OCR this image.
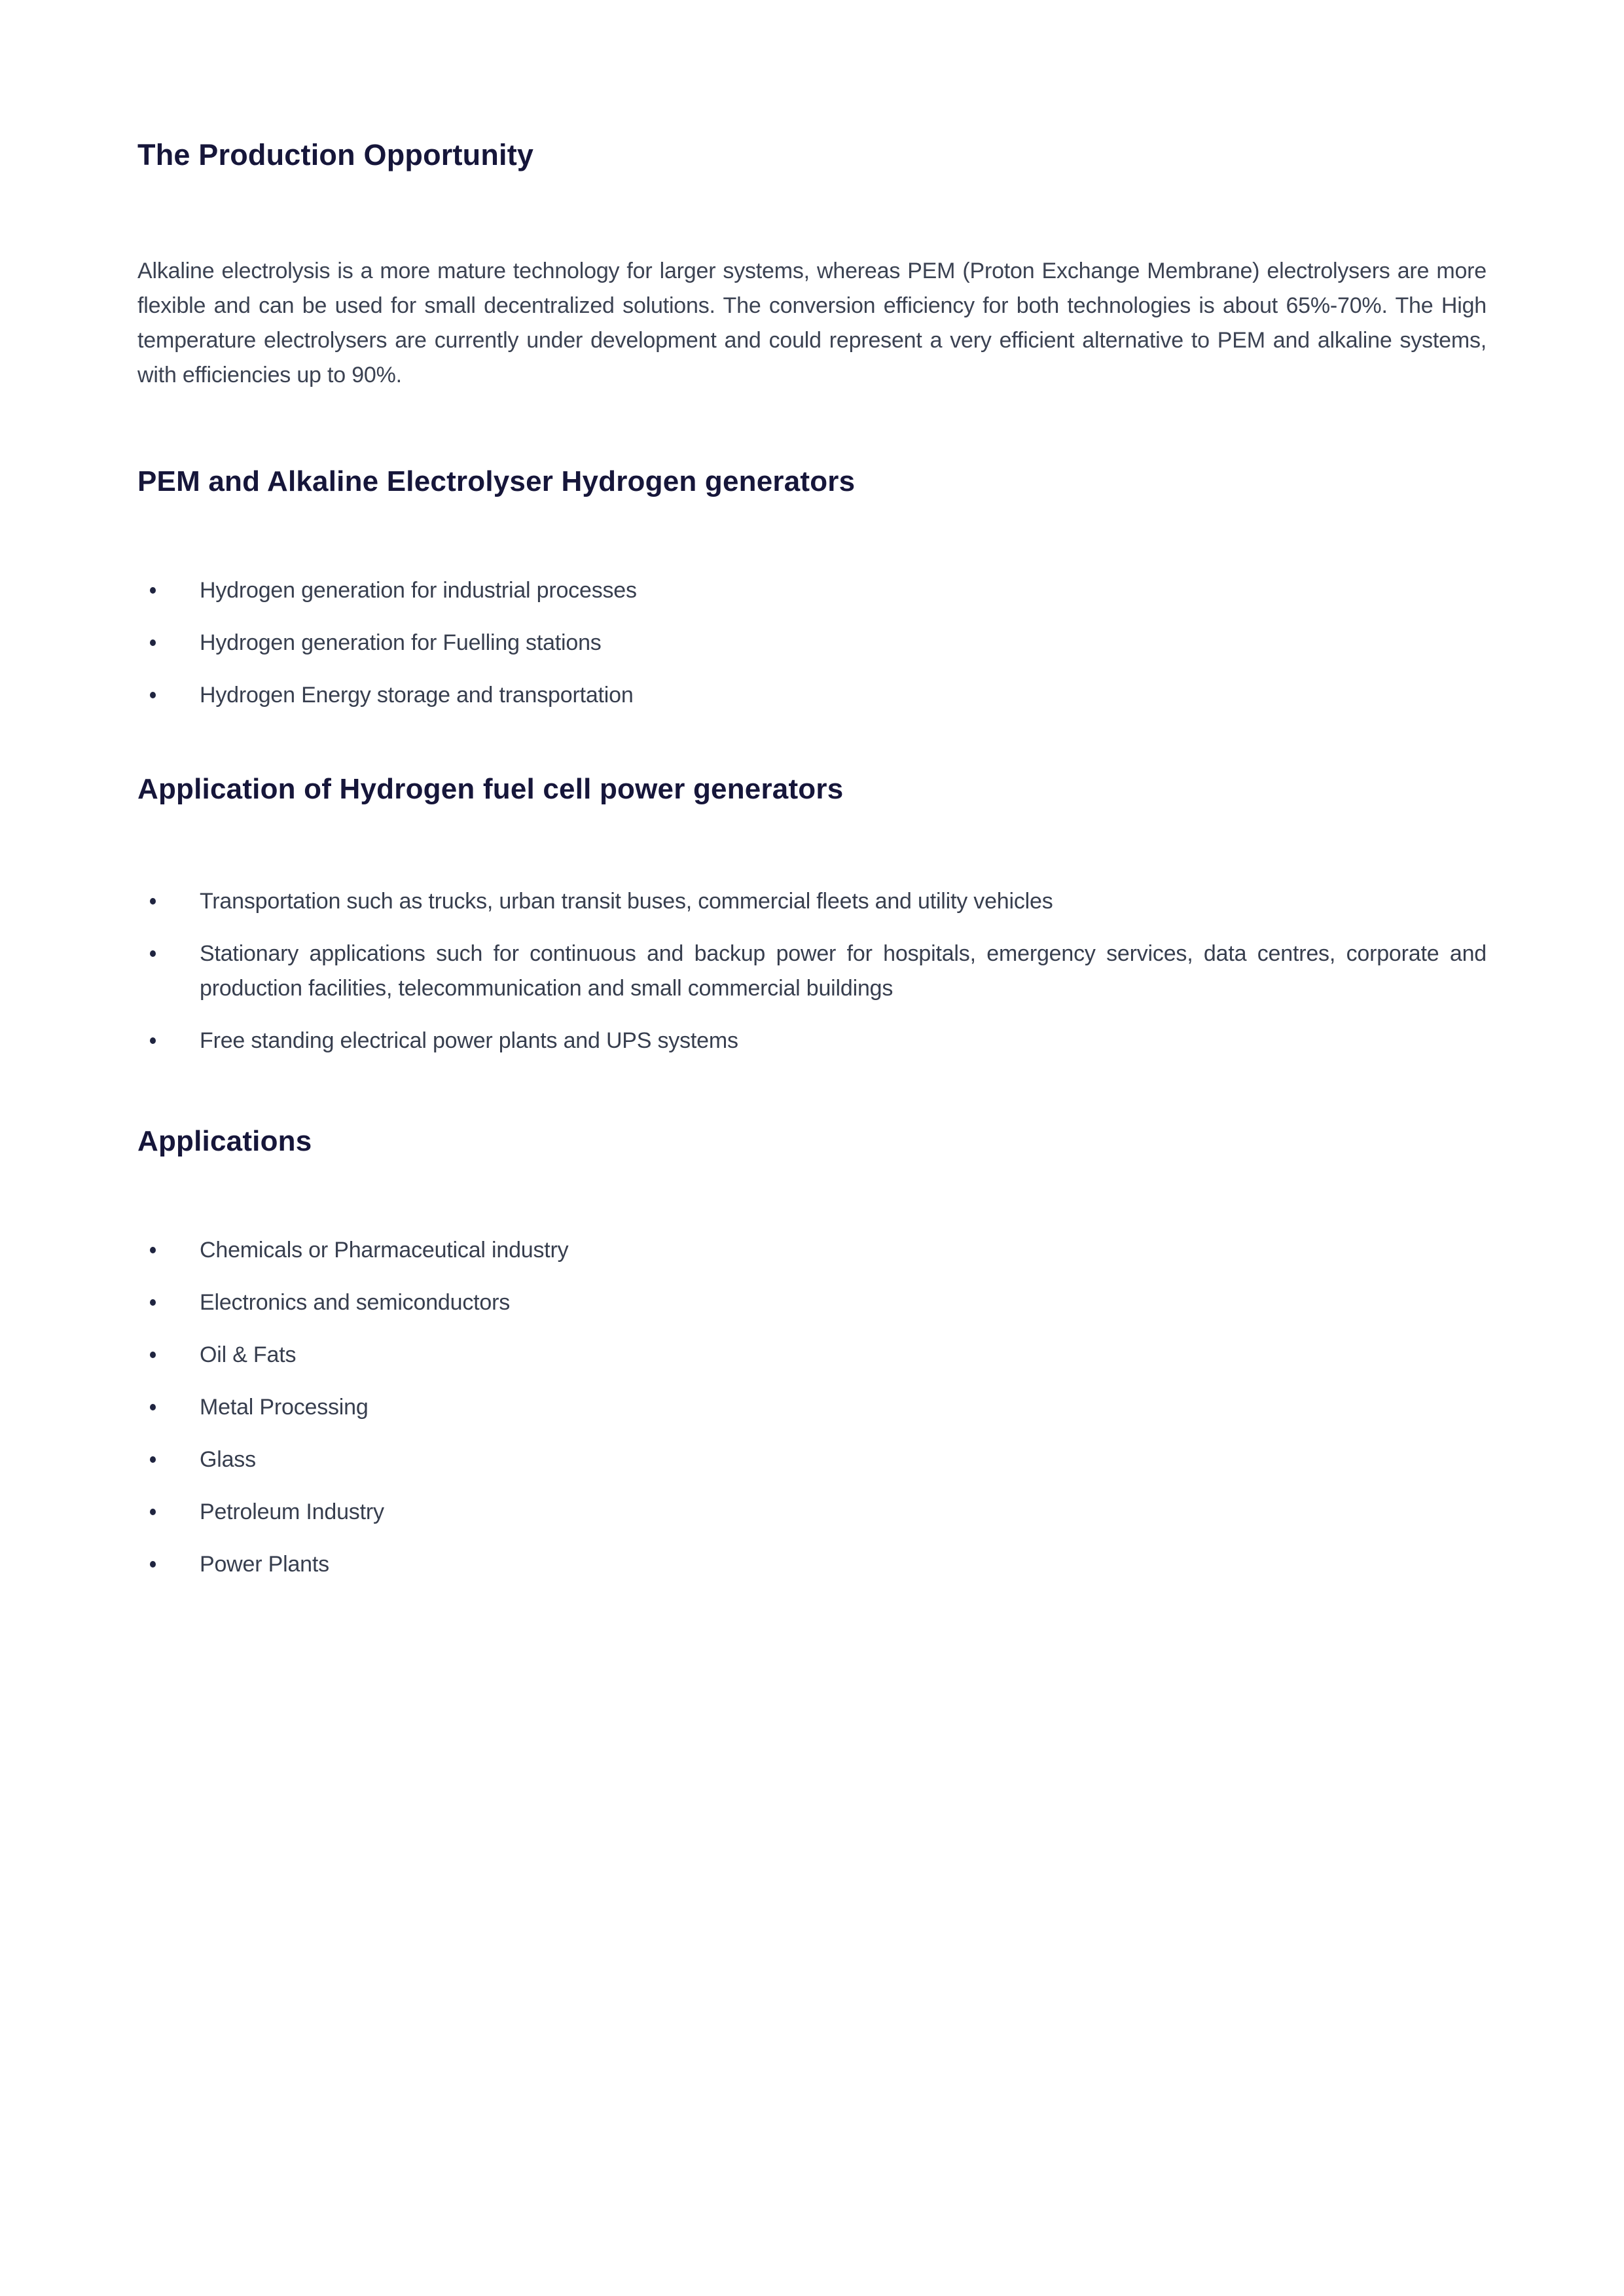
The Production Opportunity

Alkaline electrolysis is a more mature technology for larger systems, whereas PEM (Proton Exchange Membrane) electrolysers are more flexible and can be used for small decentralized solutions. The conversion efficiency for both technologies is about 65%-70%. The High temperature electrolysers are currently under development and could represent a very efficient alternative to PEM and alkaline systems, with efficiencies up to 90%.

PEM and Alkaline Electrolyser Hydrogen generators
Hydrogen generation for industrial processes
Hydrogen generation for Fuelling stations
Hydrogen Energy storage and transportation
Application of Hydrogen fuel cell power generators
Transportation such as trucks, urban transit buses, commercial fleets and utility vehicles
Stationary applications such for continuous and backup power for hospitals, emergency services, data centres, corporate and production facilities, telecommunication and small commercial buildings
Free standing electrical power plants and UPS systems
Applications
Chemicals or Pharmaceutical industry
Electronics and semiconductors
Oil & Fats
Metal Processing
Glass
Petroleum Industry
Power Plants
